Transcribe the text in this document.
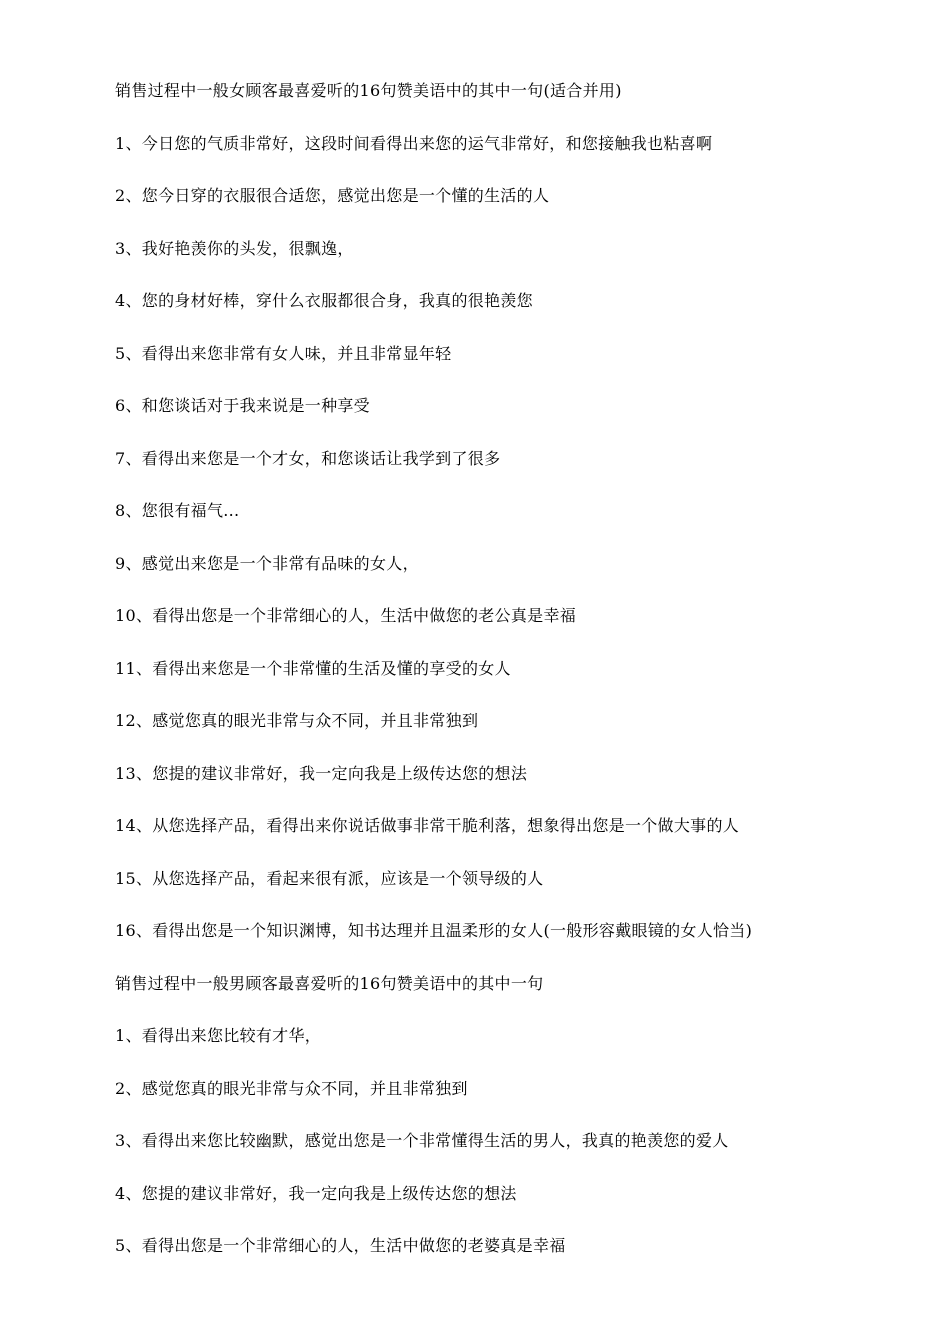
销售过程中一般女顾客最喜爱听的16句赞美语中的其中一句(适合并用)
1、今日您的气质非常好，这段时间看得出来您的运气非常好，和您接触我也粘喜啊
2、您今日穿的衣服很合适您，感觉出您是一个懂的生活的人
3、我好艳羡你的头发，很飘逸，
4、您的身材好棒，穿什么衣服都很合身，我真的很艳羡您
5、看得出来您非常有女人味，并且非常显年轻
6、和您谈话对于我来说是一种享受
7、看得出来您是一个才女，和您谈话让我学到了很多
8、您很有福气...
9、感觉出来您是一个非常有品味的女人，
10、看得出您是一个非常细心的人，生活中做您的老公真是幸福
11、看得出来您是一个非常懂的生活及懂的享受的女人
12、感觉您真的眼光非常与众不同，并且非常独到
13、您提的建议非常好，我一定向我是上级传达您的想法
14、从您选择产品，看得出来你说话做事非常干脆利落，想象得出您是一个做大事的人
15、从您选择产品，看起来很有派，应该是一个领导级的人
16、看得出您是一个知识渊博，知书达理并且温柔形的女人(一般形容戴眼镜的女人恰当)
销售过程中一般男顾客最喜爱听的16句赞美语中的其中一句
1、看得出来您比较有才华，
2、感觉您真的眼光非常与众不同，并且非常独到
3、看得出来您比较幽默，感觉出您是一个非常懂得生活的男人，我真的艳羡您的爱人
4、您提的建议非常好，我一定向我是上级传达您的想法
5、看得出您是一个非常细心的人，生活中做您的老婆真是幸福
